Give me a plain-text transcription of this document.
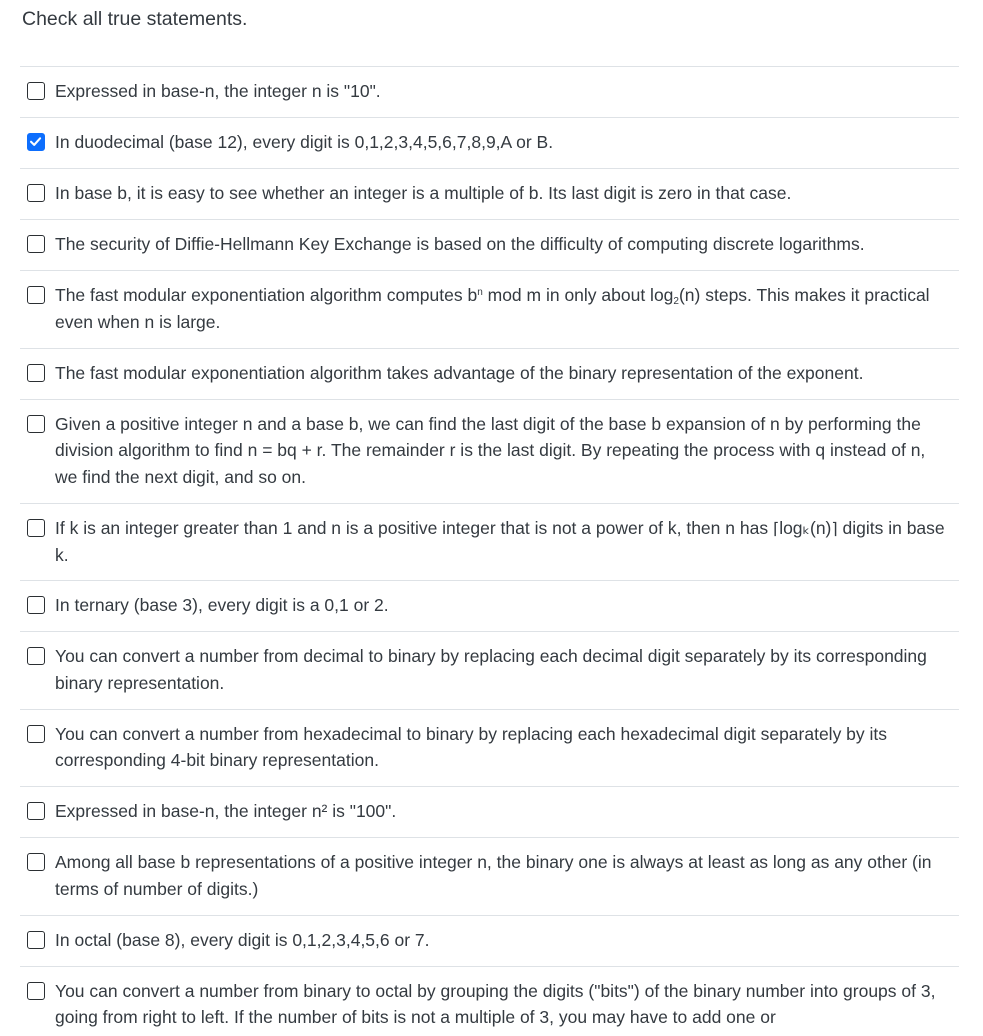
Check all true statements.
Expressed in base-n, the integer n is "10".
In duodecimal (base 12), every digit is 0,1,2,3,4,5,6,7,8,9,A or B.
In base b, it is easy to see whether an integer is a multiple of b. Its last digit is zero in that case.
The security of Diffie-Hellmann Key Exchange is based on the difficulty of computing discrete logarithms.
The fast modular exponentiation algorithm computes $b^n$ mod m in only about $\log_2(n)$ steps. This makes it practical even when n is large.
The fast modular exponentiation algorithm takes advantage of the binary representation of the exponent.
Given a positive integer n and a base b, we can find the last digit of the base b expansion of n by performing the division algorithm to find n = bq + r. The remainder r is the last digit. By repeating the process with q instead of n, we find the next digit, and so on.
If k is an integer greater than 1 and n is a positive integer that is not a power of k, then n has ⌈logₖ(n)⌉ digits in base k.
In ternary (base 3), every digit is a 0,1 or 2.
You can convert a number from decimal to binary by replacing each decimal digit separately by its corresponding binary representation.
You can convert a number from hexadecimal to binary by replacing each hexadecimal digit separately by its corresponding 4-bit binary representation.
Expressed in base-n, the integer n² is "100".
Among all base b representations of a positive integer n, the binary one is always at least as long as any other (in terms of number of digits.)
In octal (base 8), every digit is 0,1,2,3,4,5,6 or 7.
You can convert a number from binary to octal by grouping the digits ("bits") of the binary number into groups of 3, going from right to left. If the number of bits is not a multiple of 3, you may have to add one or
